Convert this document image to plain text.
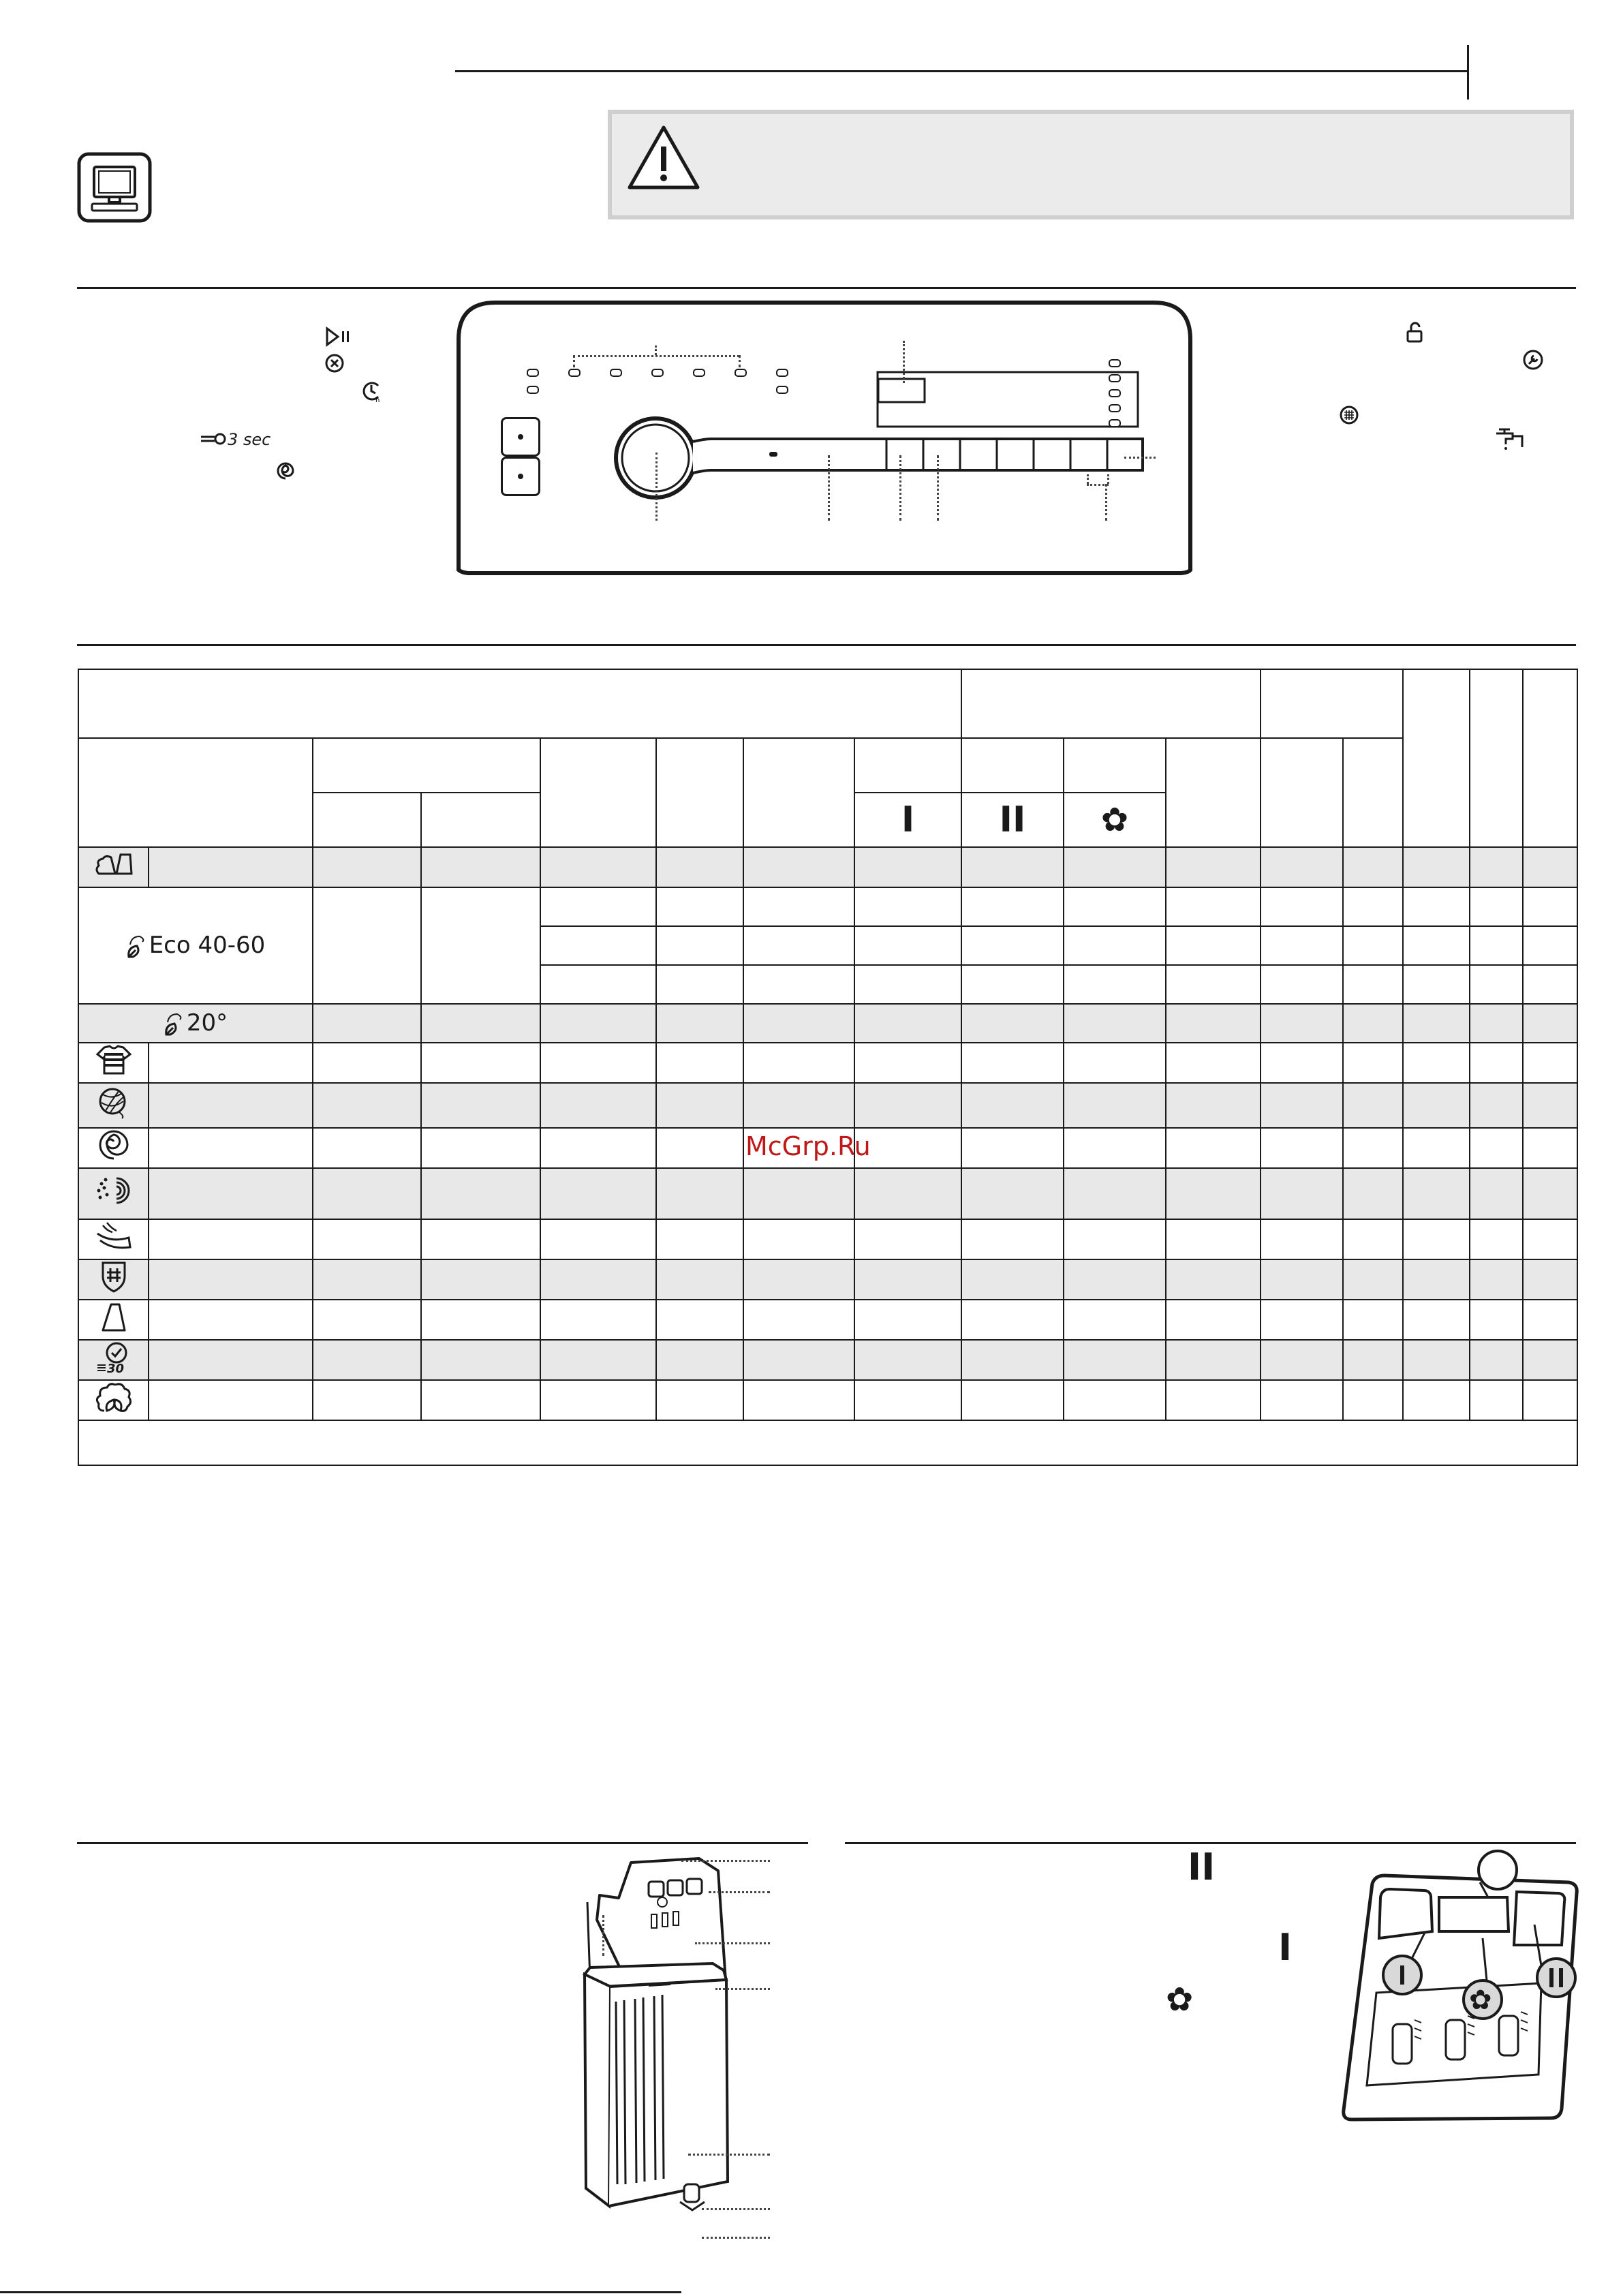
h
3 sec

							I	II	✿							

Eco 40-60																

20°																

30																

McGrp.Ru
II
I
✿	✿
